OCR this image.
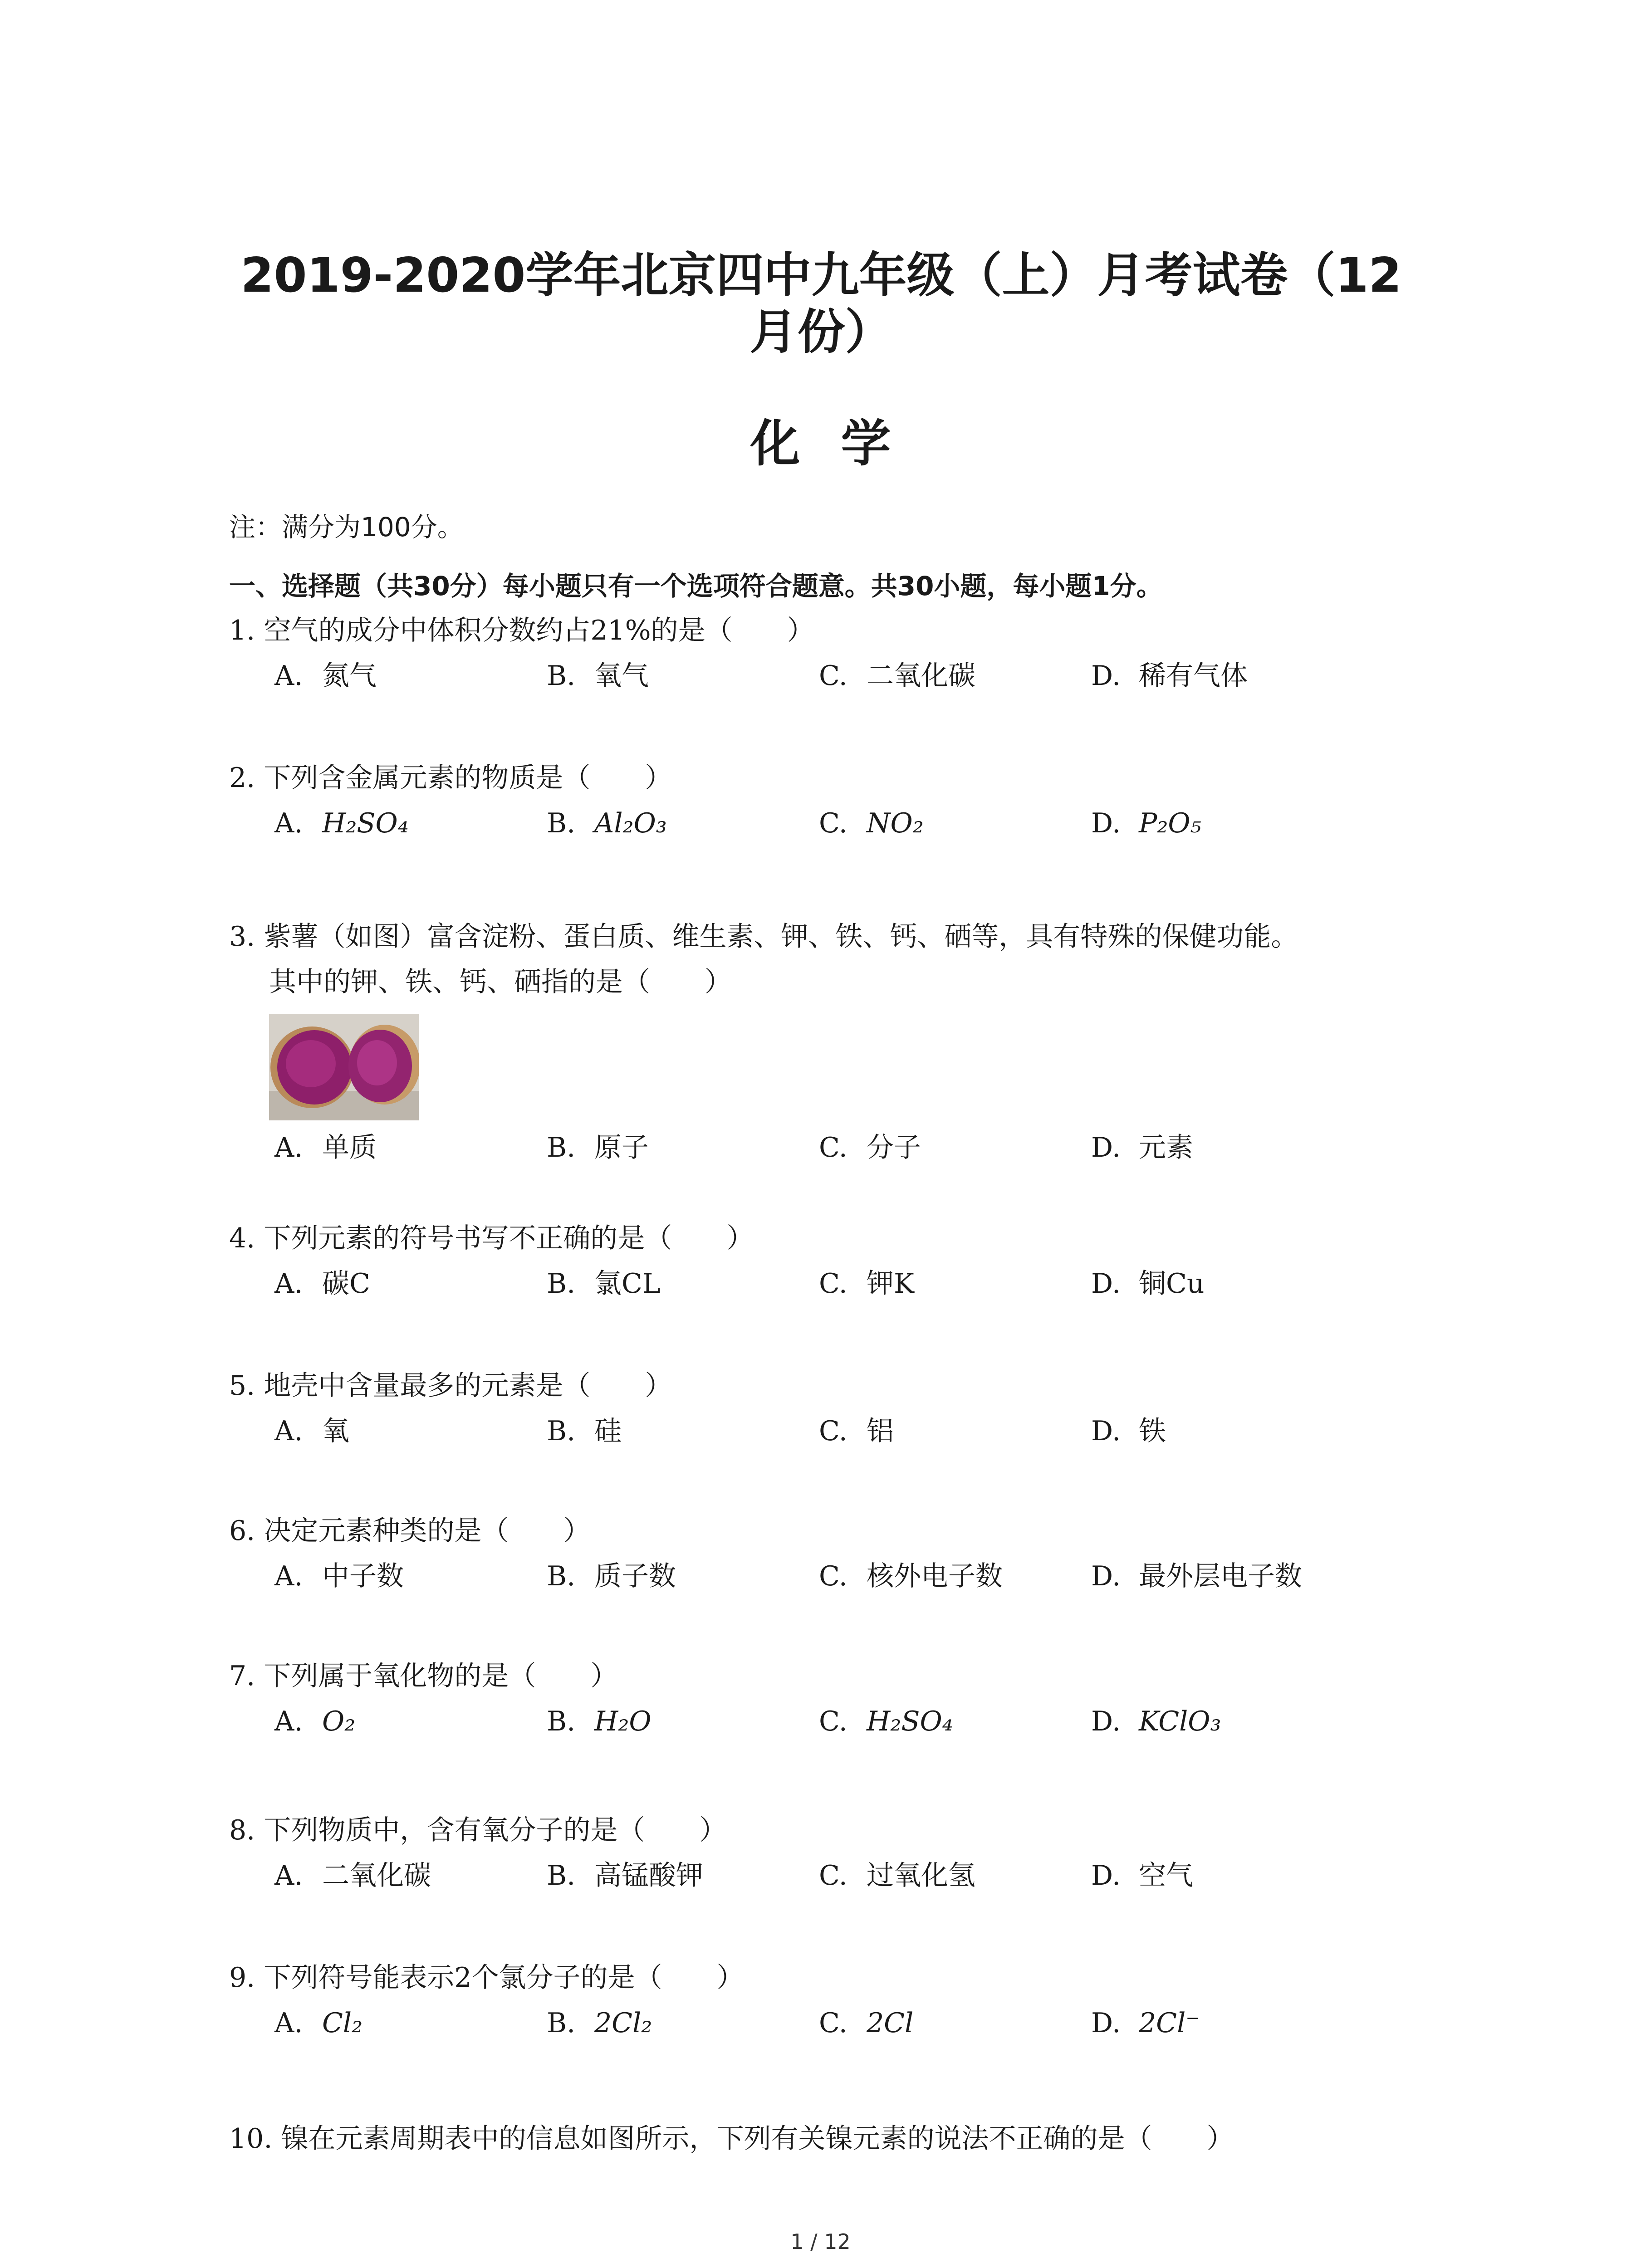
2019-2020学年北京四中九年级（上）月考试卷（12月份）
化学
注：满分为100分。
一、选择题（共30分）每小题只有一个选项符合题意。共30小题，每小题1分。
1. 空气的成分中体积分数约占21%的是（　　）
A. 氮气	B. 氧气	C. 二氧化碳	D. 稀有气体
2. 下列含金属元素的物质是（　　）
A. H₂SO₄	B. Al₂O₃	C. NO₂	D. P₂O₅
3. 紫薯（如图）富含淀粉、蛋白质、维生素、钾、铁、钙、硒等，具有特殊的保健功能。
其中的钾、铁、钙、硒指的是（　　）
A. 单质	B. 原子	C. 分子	D. 元素
4. 下列元素的符号书写不正确的是（　　）
A. 碳C	B. 氯CL	C. 钾K	D. 铜Cu
5. 地壳中含量最多的元素是（　　）
A. 氧	B. 硅	C. 铝	D. 铁
6. 决定元素种类的是（　　）
A. 中子数	B. 质子数	C. 核外电子数	D. 最外层电子数
7. 下列属于氧化物的是（　　）
A. O₂	B. H₂O	C. H₂SO₄	D. KClO₃
8. 下列物质中，含有氧分子的是（　　）
A. 二氧化碳	B. 高锰酸钾	C. 过氧化氢	D. 空气
9. 下列符号能表示2个氯分子的是（　　）
A. Cl₂	B. 2Cl₂	C. 2Cl	D. 2Cl⁻
10. 镍在元素周期表中的信息如图所示，下列有关镍元素的说法不正确的是（　　）
1 / 12
